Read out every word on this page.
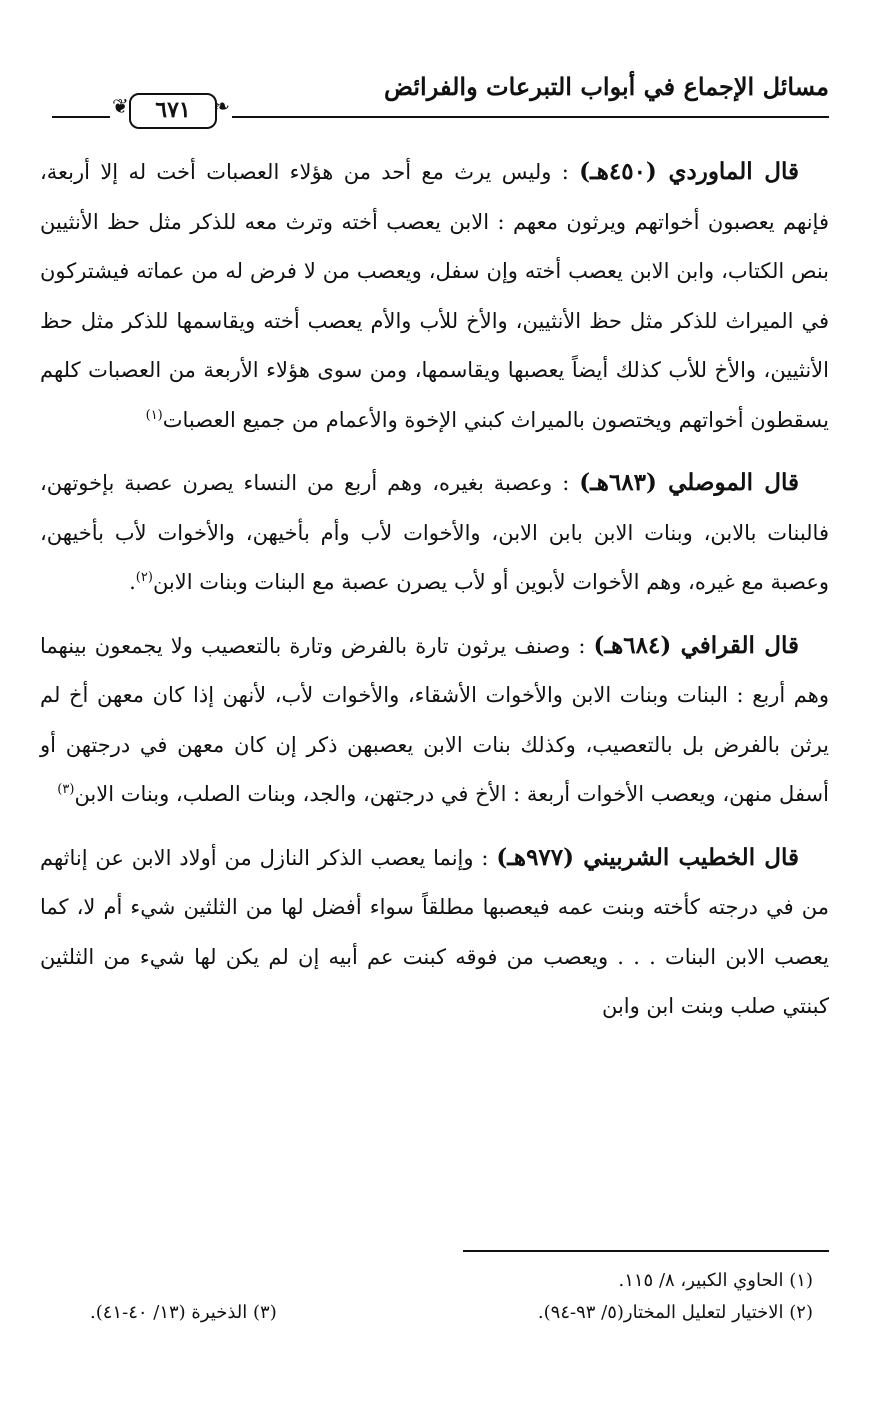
مسائل الإجماع في أبواب التبرعات والفرائض
❦	٦٧١	❧

قال الماوردي (٤٥٠هـ) : وليس يرث مع أحد من هؤلاء العصبات أخت له إلا أربعة، فإنهم يعصبون أخواتهم ويرثون معهم : الابن يعصب أخته وترث معه للذكر مثل حظ الأنثيين بنص الكتاب، وابن الابن يعصب أخته وإن سفل، ويعصب من لا فرض له من عماته فيشتركون في الميراث للذكر مثل حظ الأنثيين، والأخ للأب والأم يعصب أخته ويقاسمها للذكر مثل حظ الأنثيين، والأخ للأب كذلك أيضاً يعصبها ويقاسمها، ومن سوى هؤلاء الأربعة من العصبات كلهم يسقطون أخواتهم ويختصون بالميراث كبني الإخوة والأعمام من جميع العصبات$^{(١)}$

قال الموصلي (٦٨٣هـ) : وعصبة بغيره، وهم أربع من النساء يصرن عصبة بإخوتهن، فالبنات بالابن، وبنات الابن بابن الابن، والأخوات لأب وأم بأخيهن، والأخوات لأب بأخيهن، وعصبة مع غيره، وهم الأخوات لأبوين أو لأب يصرن عصبة مع البنات وبنات الابن$^{(٢)}$.

قال القرافي (٦٨٤هـ) : وصنف يرثون تارة بالفرض وتارة بالتعصيب ولا يجمعون بينهما وهم أربع : البنات وبنات الابن والأخوات الأشقاء، والأخوات لأب، لأنهن إذا كان معهن أخ لم يرثن بالفرض بل بالتعصيب، وكذلك بنات الابن يعصبهن ذكر إن كان معهن في درجتهن أو أسفل منهن، ويعصب الأخوات أربعة : الأخ في درجتهن، والجد، وبنات الصلب، وبنات الابن$^{(٣)}$

قال الخطيب الشربيني (٩٧٧هـ) : وإنما يعصب الذكر النازل من أولاد الابن عن إناثهم من في درجته كأخته وبنت عمه فيعصبها مطلقاً سواء أفضل لها من الثلثين شيء أم لا، كما يعصب الابن البنات . . . ويعصب من فوقه كبنت عم أبيه إن لم يكن لها شيء من الثلثين كبنتي صلب وبنت ابن وابن

(١) الحاوي الكبير، ٨/ ١١٥.
(٢) الاختيار لتعليل المختار(٥/ ٩٣-٩٤).
(٣) الذخيرة (١٣/ ٤٠-٤١).
